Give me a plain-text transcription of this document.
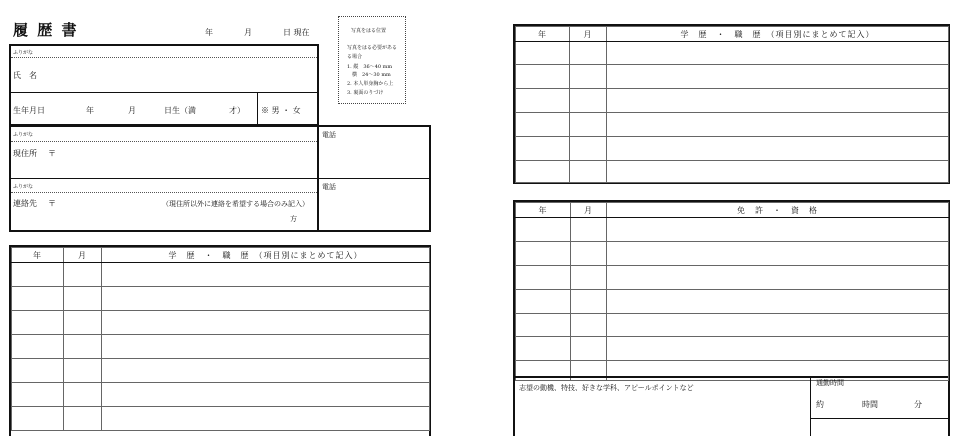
履 歴 書	年	月	日 現在	写真をはる位置
写真をはる必要がある
る場合
1. 縦　36〜40 mm
　横　24〜30 mm
2. 本人単身胸から上
3. 裏面のりづけ
ふりがな
氏　名
生年月日	年	月	日生（満	才） ※ 男 ・ 女
ふりがな
現住所 〒
電話
ふりがな
連絡先 〒	（現住所以外に連絡を希望する場合のみ記入）
方
電話
年	月	学　歴　・　職　歴　（項目別にまとめて記入）

年	月	学　歴　・　職　歴　（項目別にまとめて記入）

年	月	免　許　・　資　格

志望の動機、特技、好きな学科、アピールポイントなど
通勤時間
約	時間	分
